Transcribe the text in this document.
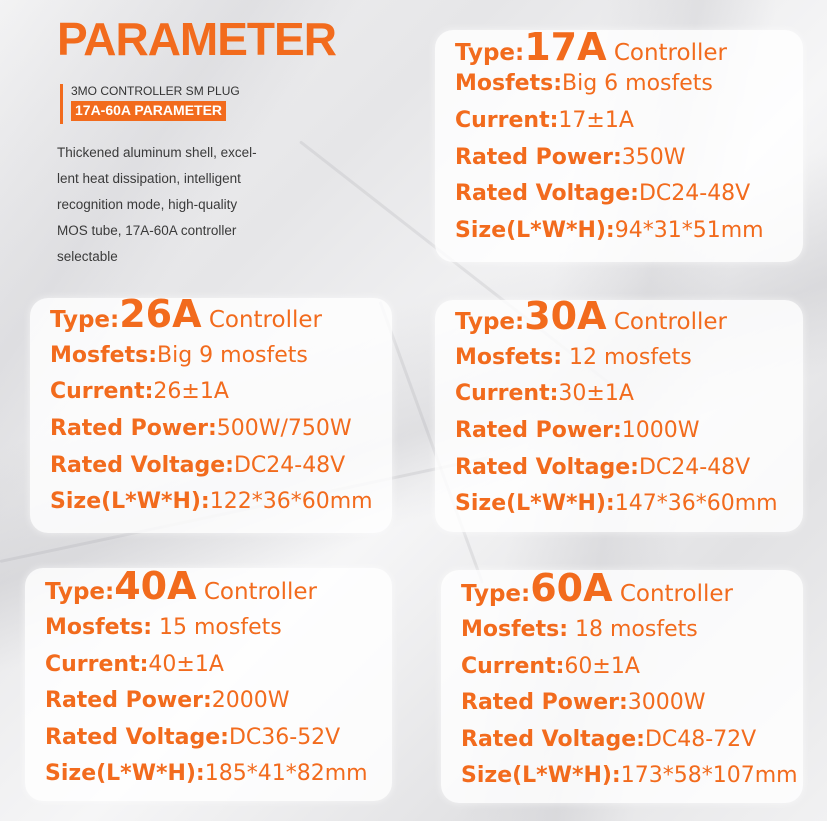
PARAMETER
3MO CONTROLLER SM PLUG
17A-60A PARAMETER
Thickened aluminum shell, excel-
lent heat dissipation, intelligent
recognition mode, high-quality
MOS tube, 17A-60A controller
selectable
Type:17A Controller
Mosfets:Big 6 mosfets
Current:17±1A
Rated Power:350W
Rated Voltage:DC24-48V
Size(L*W*H):94*31*51mm
Type:26A Controller
Mosfets:Big 9 mosfets
Current:26±1A
Rated Power:500W/750W
Rated Voltage:DC24-48V
Size(L*W*H):122*36*60mm
Type:30A Controller
Mosfets: 12 mosfets
Current:30±1A
Rated Power:1000W
Rated Voltage:DC24-48V
Size(L*W*H):147*36*60mm
Type:40A Controller
Mosfets: 15 mosfets
Current:40±1A
Rated Power:2000W
Rated Voltage:DC36-52V
Size(L*W*H):185*41*82mm
Type:60A Controller
Mosfets: 18 mosfets
Current:60±1A
Rated Power:3000W
Rated Voltage:DC48-72V
Size(L*W*H):173*58*107mm
